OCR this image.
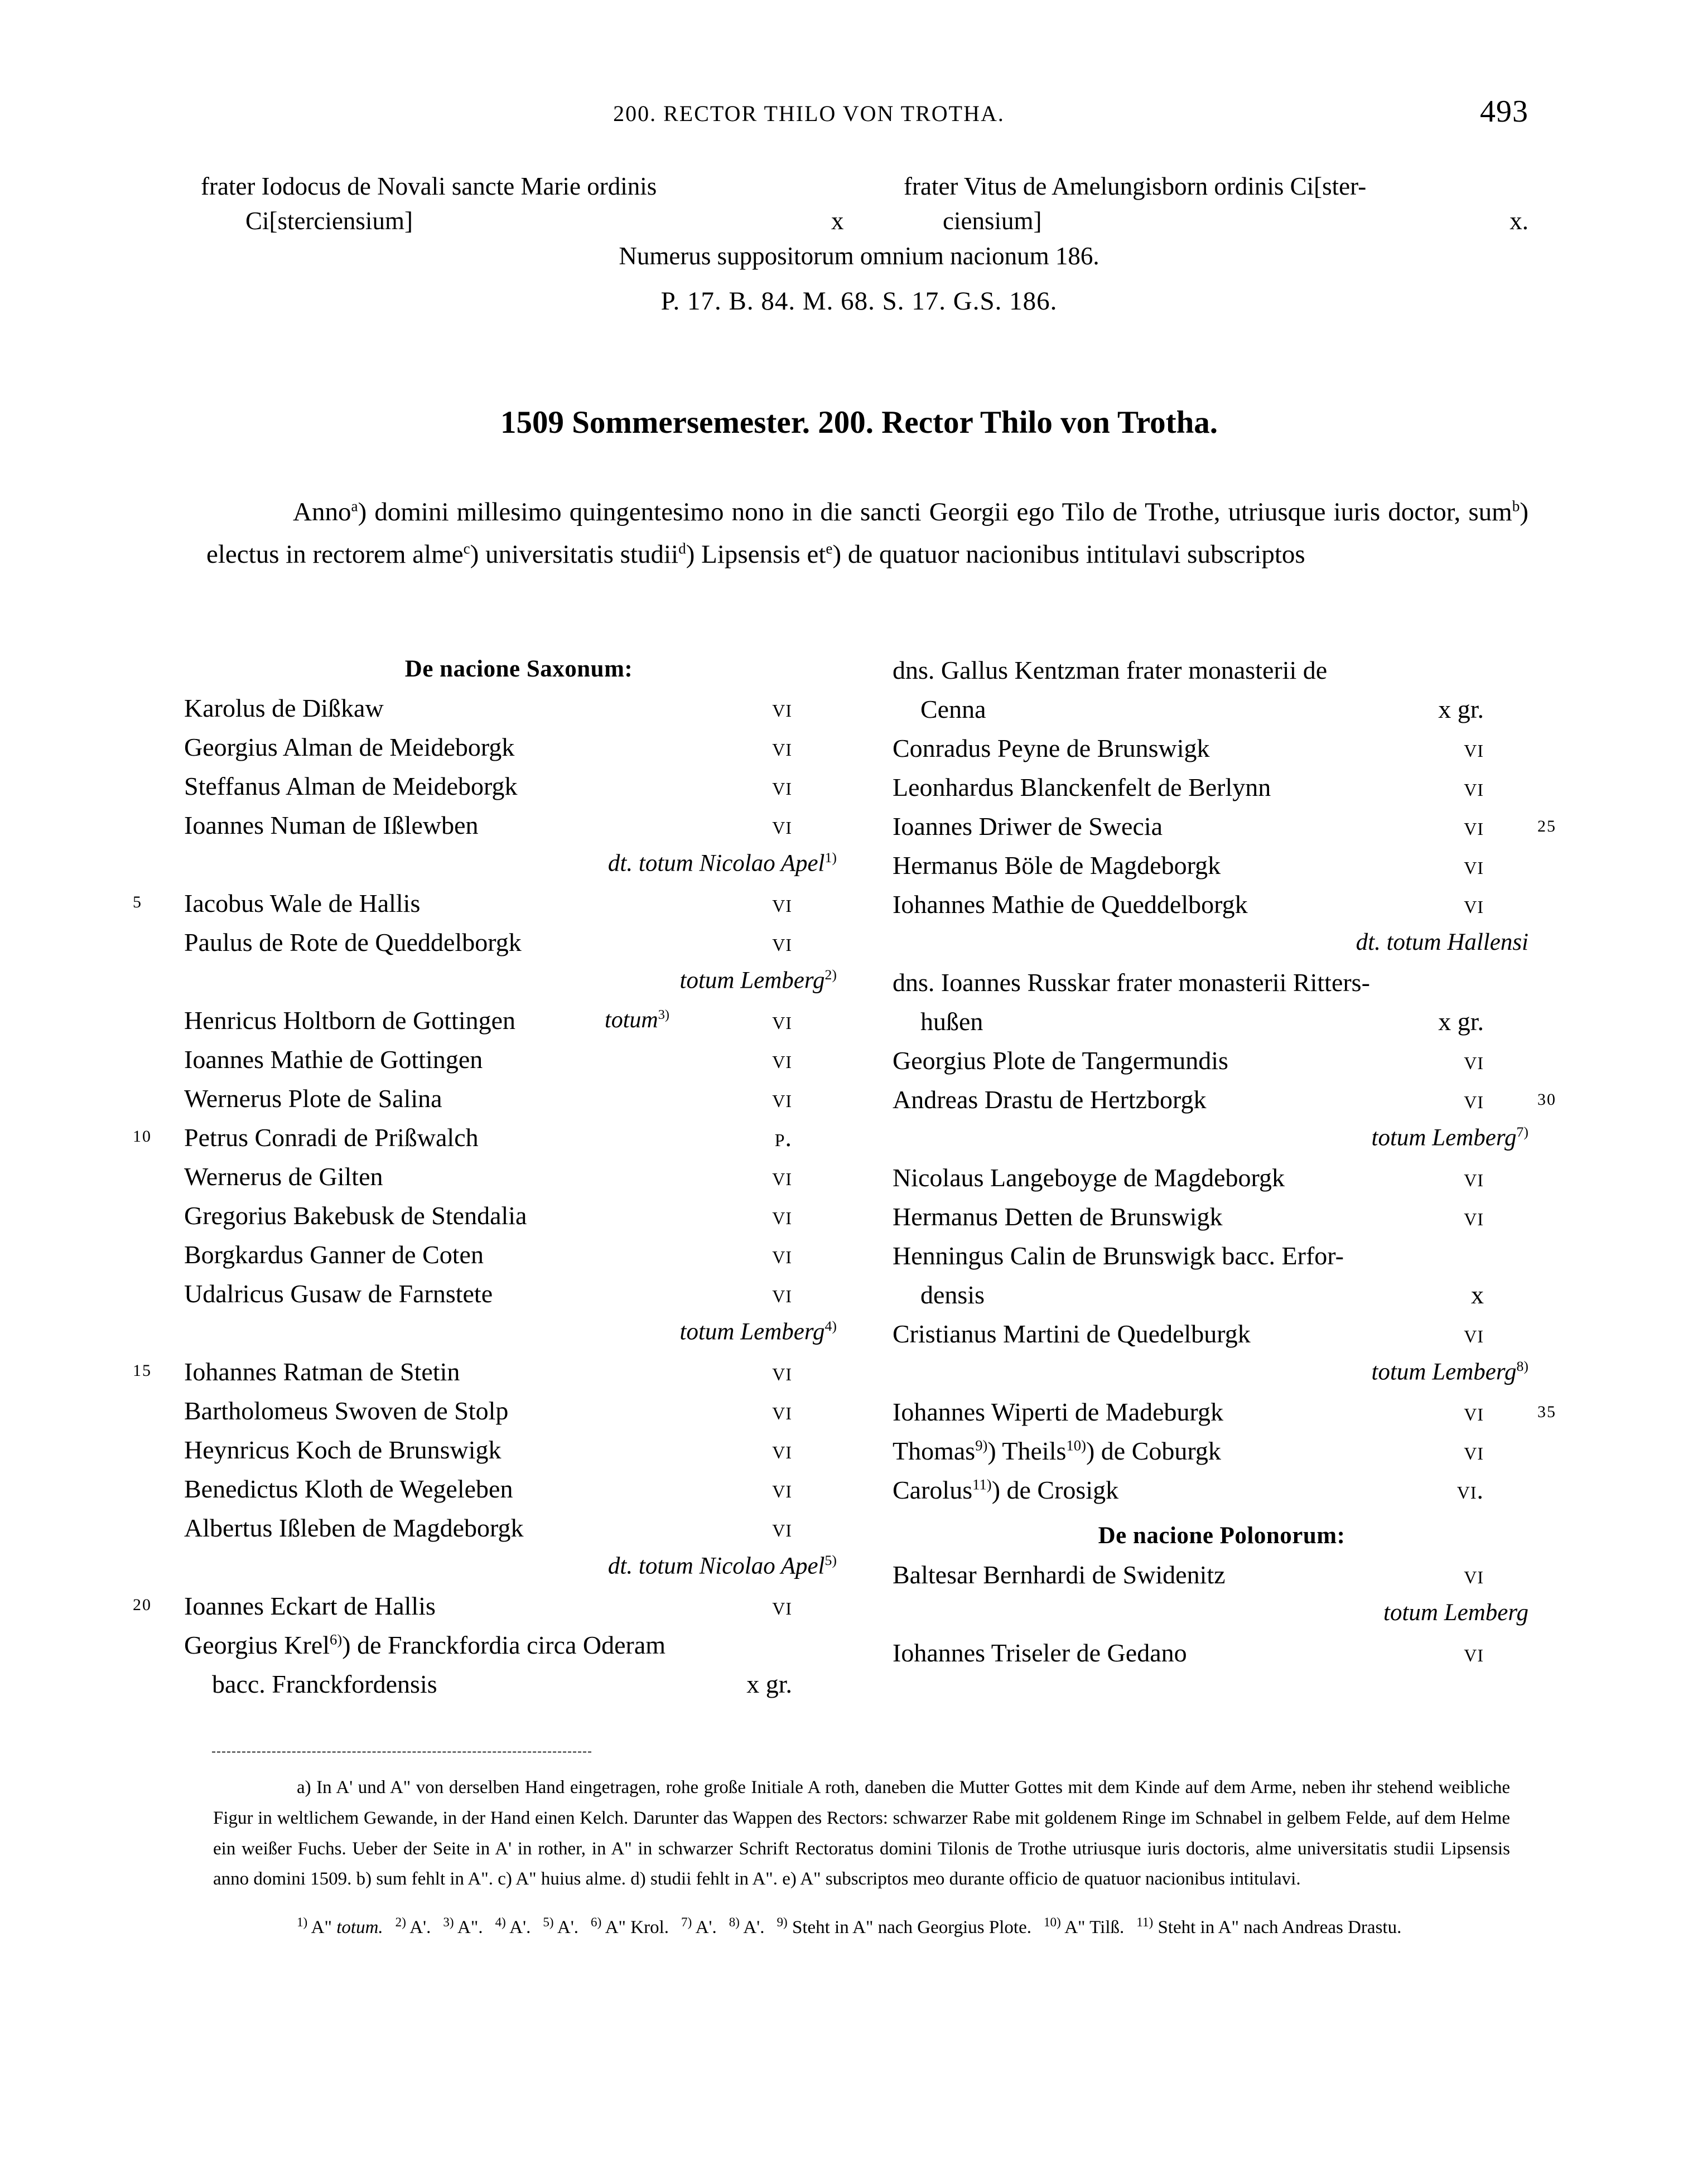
200. RECTOR THILO VON TROTHA.	493
frater Iodocus de Novali sancte Marie ordinis	frater Vitus de Amelungisborn ordinis Ci[ster-
Ci[sterciensium]	x	ciensium]	x.
Numerus suppositorum omnium nacionum 186.
P. 17. B. 84. M. 68. S. 17. G.S. 186.
1509 Sommersemester. 200. Rector Thilo von Trotha.
Anno$^a$) domini millesimo quingentesimo nono in die sancti Georgii ego Tilo de Trothe, utriusque iuris doctor, sum$^b$) electus in rectorem alme$^c$) universitatis studii$^d$) Lipsensis $et^e$) de quatuor nacionibus intitulavi subscriptos
De nacione Saxonum:
Karolus de Dißkaw	vi
Georgius Alman de Meideborgk	vi
Steffanus Alman de Meideborgk	vi
Ioannes Numan de Ißlewben	vi
dt. totum Nicolao Apel$^{1)}$
5 Iacobus Wale de Hallis	vi
Paulus de Rote de Queddelborgk	vi
totum Lemberg$^{2)}$
Henricus Holtborn de Gottingen	totum$^{3)}$	vi
Ioannes Mathie de Gottingen	vi
Wernerus Plote de Salina	vi
10 Petrus Conradi de Prißwalch	p.
Wernerus de Gilten	vi
Gregorius Bakebusk de Stendalia	vi
Borgkardus Ganner de Coten	vi
Udalricus Gusaw de Farnstete	vi
totum Lemberg$^{4)}$
15 Iohannes Ratman de Stetin	vi
Bartholomeus Swoven de Stolp	vi
Heynricus Koch de Brunswigk	vi
Benedictus Kloth de Wegeleben	vi
Albertus Ißleben de Magdeborgk	vi
dt. totum Nicolao Apel$^{5)}$
20 Ioannes Eckart de Hallis	vi
Georgius Krel$^{6)}$) de Franckfordia circa Oderam
bacc. Franckfordensis	x gr.
dns. Gallus Kentzman frater monasterii de
Cenna	x gr.
Conradus Peyne de Brunswigk	vi
Leonhardus Blanckenfelt de Berlynn	vi
Ioannes Driwer de Swecia	vi	25
Hermanus Böle de Magdeborgk	vi
Iohannes Mathie de Queddelborgk	vi
dt. totum Hallensi
dns. Ioannes Russkar frater monasterii Ritters-
hußen	x gr.
Georgius Plote de Tangermundis	vi
Andreas Drastu de Hertzborgk	vi	30
totum Lemberg$^{7)}$
Nicolaus Langeboyge de Magdeborgk	vi
Hermanus Detten de Brunswigk	vi
Henningus Calin de Brunswigk bacc. Erfor-
densis	x
Cristianus Martini de Quedelburgk	vi
totum Lemberg$^{8)}$
Iohannes Wiperti de Madeburgk	vi	35
Thomas$^{9)}$) Theils$^{10)}$) de Coburgk	vi
Carolus$^{11)}$) de Crosigk	vi.
De nacione Polonorum:
Baltesar Bernhardi de Swidenitz	vi
totum Lemberg
Iohannes Triseler de Gedano	vi

a) In A' und A" von derselben Hand eingetragen, rohe große Initiale A roth, daneben die Mutter Gottes mit dem Kinde auf dem Arme, neben ihr stehend weibliche Figur in weltlichem Gewande, in der Hand einen Kelch. Darunter das Wappen des Rectors: schwarzer Rabe mit goldenem Ringe im Schnabel in gelbem Felde, auf dem Helme ein weißer Fuchs. Ueber der Seite in A' in rother, in A" in schwarzer Schrift Rectoratus domini Tilonis de Trothe utriusque iuris doctoris, alme universitatis studii Lipsensis anno domini 1509. b) sum fehlt in A". c) A" huius alme. d) studii fehlt in A". e) A" subscriptos meo durante officio de quatuor nacionibus intitulavi.

$^{1)}$ A" totum. $^{2)}$ A'. $^{3)}$ A". $^{4)}$ A'. $^{5)}$ A'. $^{6)}$ A" Krol. $^{7)}$ A'. $^{8)}$ A'. $^{9)}$ Steht in A" nach Georgius Plote. $^{10)}$ A" Tilß. $^{11)}$ Steht in A" nach Andreas Drastu.
